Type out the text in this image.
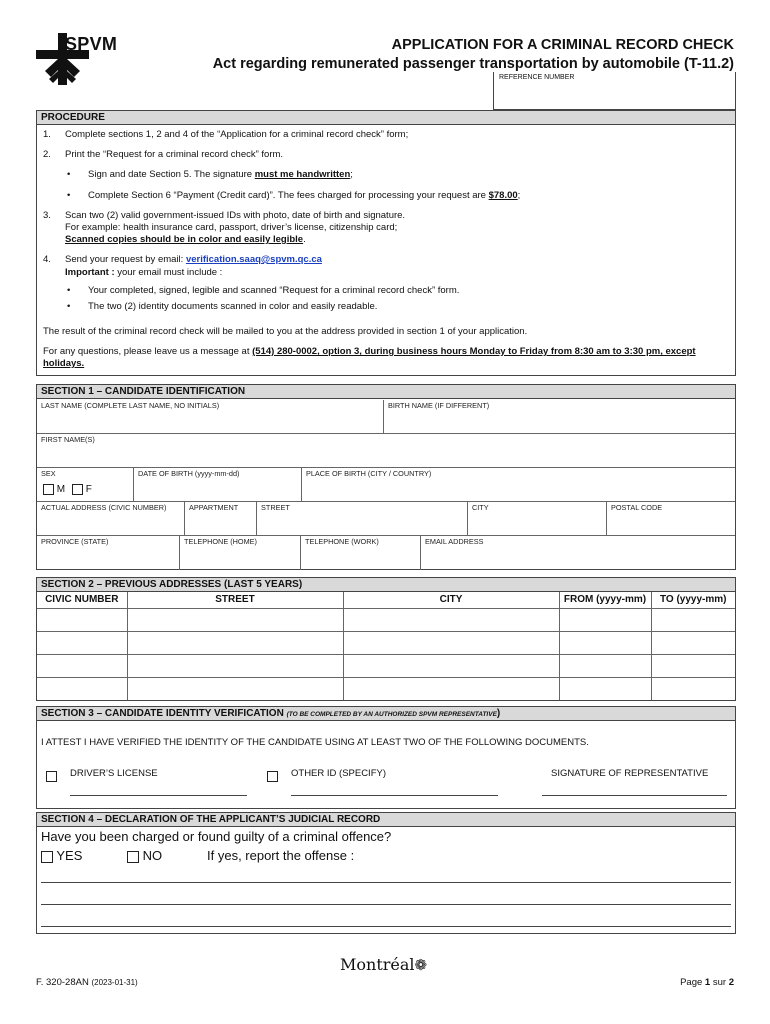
SPVM	APPLICATION FOR A CRIMINAL RECORD CHECK
Act regarding remunerated passenger transportation by automobile (T-11.2)
REFERENCE NUMBER
PROCEDURE
1. Complete sections 1, 2 and 4 of the “Application for a criminal record check” form;
2. Print the “Request for a criminal record check” form.
• Sign and date Section 5. The signature must me handwritten;
• Complete Section 6 “Payment (Credit card)”. The fees charged for processing your request are $78.00;
3. Scan two (2) valid government-issued IDs with photo, date of birth and signature.
For example: health insurance card, passport, driver’s license, citizenship card;
Scanned copies should be in color and easily legible.
4. Send your request by email: verification.saaq@spvm.qc.ca
Important : your email must include :
• Your completed, signed, legible and scanned “Request for a criminal record check” form.
• The two (2) identity documents scanned in color and easily readable.
The result of the criminal record check will be mailed to you at the address provided in section 1 of your application.
For any questions, please leave us a message at (514) 280-0002, option 3, during business hours Monday to Friday from 8:30 am to 3:30 pm, except holidays.
SECTION 1 – CANDIDATE IDENTIFICATION
LAST NAME (COMPLETE LAST NAME, NO INITIALS)	BIRTH NAME (IF DIFFERENT)
FIRST NAME(S)
SEX
M F
DATE OF BIRTH (yyyy-mm-dd)	PLACE OF BIRTH (CITY / COUNTRY)
ACTUAL ADDRESS (CIVIC NUMBER)	APPARTMENT	STREET	CITY	POSTAL CODE
PROVINCE (STATE)	TELEPHONE (HOME)	TELEPHONE (WORK)	EMAIL ADDRESS
SECTION 2 – PREVIOUS ADDRESSES (LAST 5 YEARS)
CIVIC NUMBER	STREET	CITY	FROM (yyyy-mm)	TO (yyyy-mm)

SECTION 3 – CANDIDATE IDENTITY VERIFICATION (TO BE COMPLETED BY AN AUTHORIZED SPVM REPRESENTATIVE)
I ATTEST I HAVE VERIFIED THE IDENTITY OF THE CANDIDATE USING AT LEAST TWO OF THE FOLLOWING DOCUMENTS.
DRIVER’S LICENSE	OTHER ID (SPECIFY)	SIGNATURE OF REPRESENTATIVE
SECTION 4 – DECLARATION OF THE APPLICANT’S JUDICIAL RECORD
Have you been charged or found guilty of a criminal offence?
YES	NO	If yes, report the offense :
F. 320-28AN (2023-01-31)
Montréal❁
Page 1 sur 2
